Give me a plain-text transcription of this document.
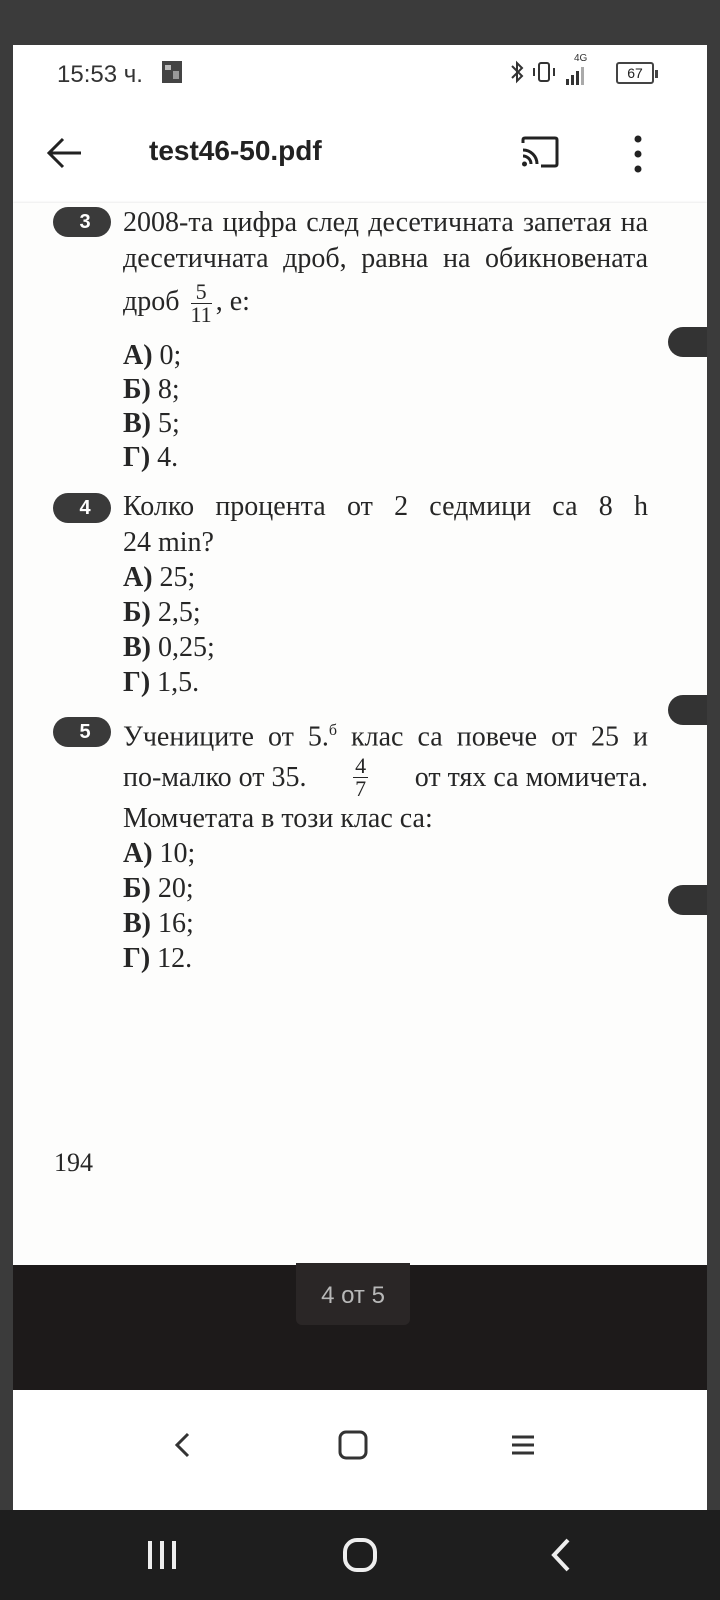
15:53 ч.
4G
67
test46-50.pdf
3	2008-та цифра след десетичната запетая на
десетичната дроб, равна на обикновената
дроб $\frac{5}{11}$ , е:
А) 0;
Б) 8;
В) 5;
Г) 4.
4	Колко процента от 2 седмици са 8 h
24 min?
А) 25;
Б) 2,5;
В) 0,25;
Г) 1,5.
5	Учениците от 5.$^б$ клас са повече от 25 и
по-малко от 35. $\frac{4}{7}$ от тях са момичета.
Момчетата в този клас са:
А) 10;
Б) 20;
В) 16;
Г) 12.
194
4 от 5
